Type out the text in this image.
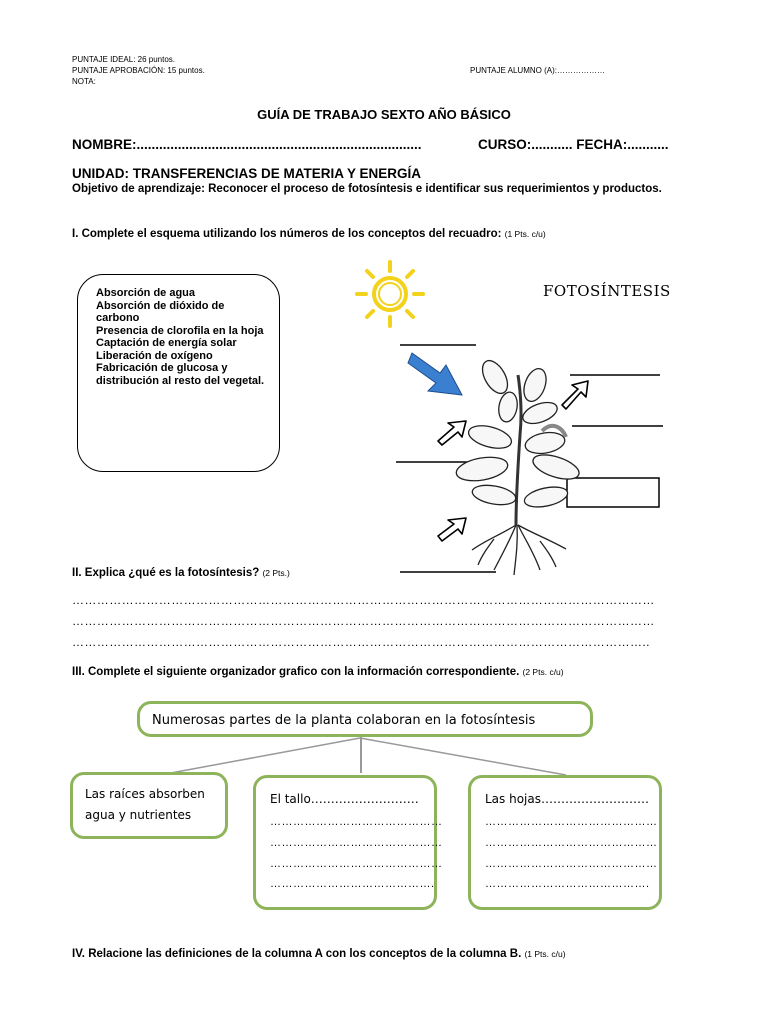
PUNTAJE IDEAL: 26 puntos.
PUNTAJE APROBACIÓN: 15 puntos.
NOTA:
PUNTAJE ALUMNO (A):………………
GUÍA DE TRABAJO SEXTO AÑO BÁSICO
NOMBRE:............................................................................	CURSO:........... FECHA:...........
UNIDAD: TRANSFERENCIAS DE MATERIA Y ENERGÍA
Objetivo de aprendizaje: Reconocer el proceso de fotosíntesis e identificar sus requerimientos y productos.
I. Complete el esquema utilizando los números de los conceptos del recuadro: (1 Pts. c/u)
Absorción de agua
Absorción de dióxido de carbono
Presencia de clorofila en la hoja
Captación de energía solar
Liberación de oxígeno
Fabricación de glucosa y distribución al resto del vegetal.
FOTOSÍNTESIS
II. Explica ¿qué es la fotosíntesis? (2 Pts.)
……………………………………………………………………………………………………………………………
……………………………………………………………………………………………………………………………
…………………………………………………………………………………………………………………………..
III. Complete el siguiente organizador grafico con la información correspondiente. (2 Pts. c/u)
Numerosas partes de la planta colaboran en la fotosíntesis
Las raíces absorben
agua y nutrientes
El tallo………………………
………………………………………
………………………………………
………………………………………
…………………………………….
Las hojas………………………
………………………………………
………………………………………
………………………………………
…………………………………….
IV. Relacione las definiciones de la columna A con los conceptos de la columna B. (1 Pts. c/u)
